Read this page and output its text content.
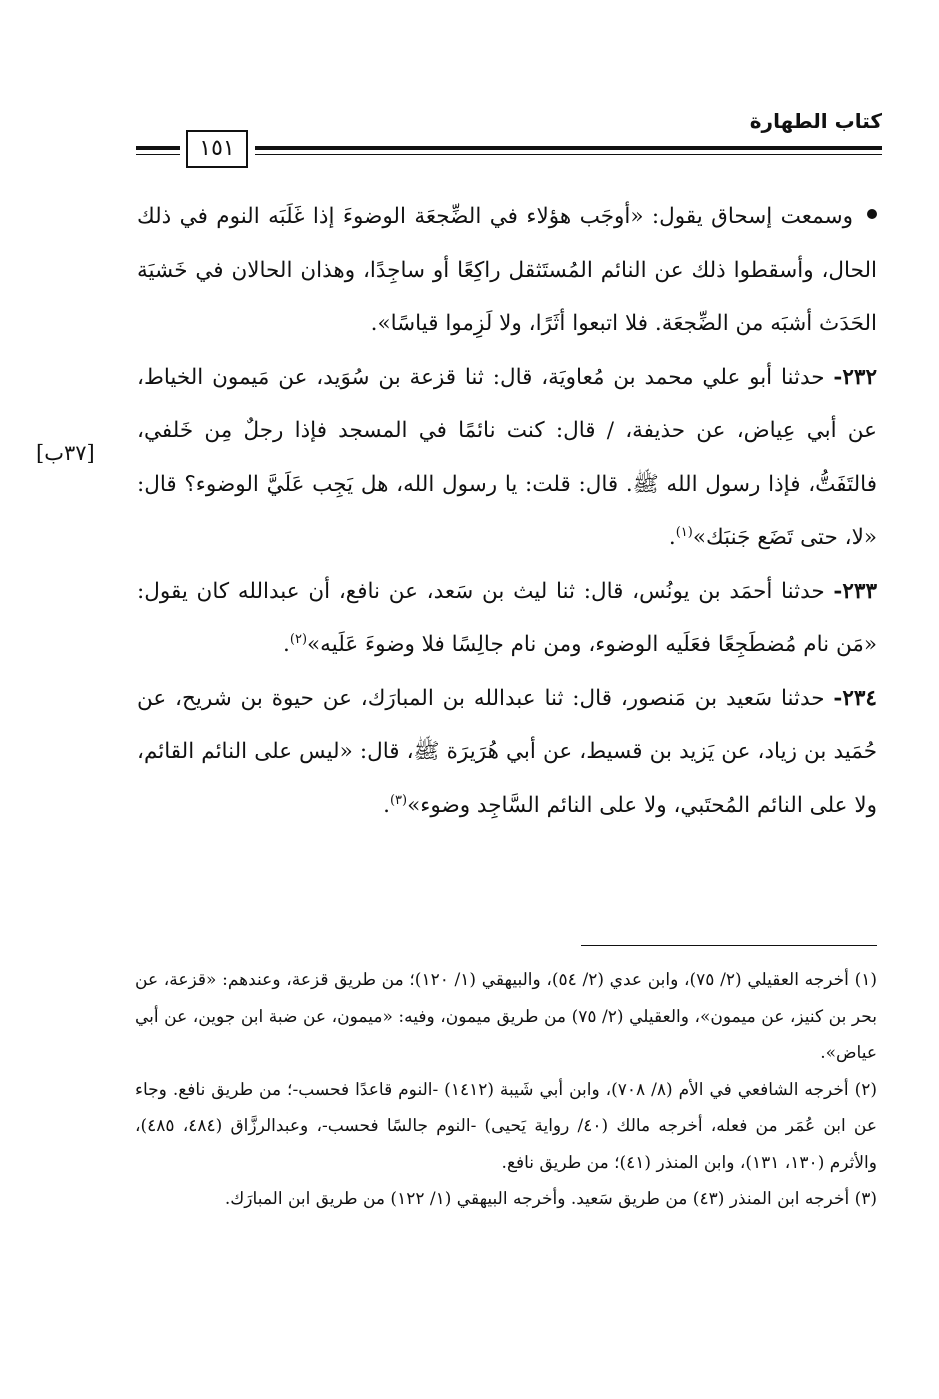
كتاب الطهارة
١٥١
[٣٧ب]

وسمعت إسحاق يقول: «أوجَب هؤلاء في الضِّجعَة الوضوءَ إذا غَلَبَه النوم في ذلك الحال، وأسقطوا ذلك عن النائم المُستَثقل راكِعًا أو ساجِدًا، وهذان الحالان في خَشيَة الحَدَث أشبَه من الضِّجعَة. فلا اتبعوا أثَرًا، ولا لَزِموا قياسًا».

٢٣٢- حدثنا أبو علي محمد بن مُعاويَة، قال: ثنا قزعة بن سُوَيد، عن مَيمون الخياط، عن أبي عِياض، عن حذيفة، / قال: كنت نائمًا في المسجد فإذا رجلٌ مِن خَلفي، فالتَفَتُّ، فإذا رسول الله ﷺ. قال: قلت: يا رسول الله، هل يَجِب عَلَيَّ الوضوء؟ قال: «لا، حتى تَضَع جَنبَك»$^{(١)}$.

٢٣٣- حدثنا أحمَد بن يونُس، قال: ثنا ليث بن سَعد، عن نافع، أن عبدالله كان يقول: «مَن نام مُضطَجِعًا فعَلَيه الوضوء، ومن نام جالِسًا فلا وضوءَ عَلَيه»$^{(٢)}$.

٢٣٤- حدثنا سَعيد بن مَنصور، قال: ثنا عبدالله بن المبارَك، عن حيوة بن شريح، عن حُمَيد بن زياد، عن يَزيد بن قسيط، عن أبي هُرَيرَة ﷺ، قال: «ليس على النائم القائم، ولا على النائم المُحتَبي، ولا على النائم السَّاجِد وضوء»$^{(٣)}$.

(١) أخرجه العقيلي (٢/ ٧٥)، وابن عدي (٢/ ٥٤)، والبيهقي (١/ ١٢٠)؛ من طريق قزعة، وعندهم: «قزعة، عن بحر بن كنيز، عن ميمون»، والعقيلي (٢/ ٧٥) من طريق ميمون، وفيه: «ميمون، عن ضبة ابن جوين، عن أبي عياض».

(٢) أخرجه الشافعي في الأم (٨/ ٧٠٨)، وابن أبي شَيبة (١٤١٢) -النوم قاعدًا فحسب-؛ من طريق نافع. وجاء عن ابن عُمَر من فعله، أخرجه مالك (٤٠/ رواية يَحيى) -النوم جالسًا فحسب-، وعبدالرزَّاق (٤٨٤، ٤٨٥)، والأثرم (١٣٠، ١٣١)، وابن المنذر (٤١)؛ من طريق نافع.

(٣) أخرجه ابن المنذر (٤٣) من طريق سَعيد. وأخرجه البيهقي (١/ ١٢٢) من طريق ابن المبارَك.
